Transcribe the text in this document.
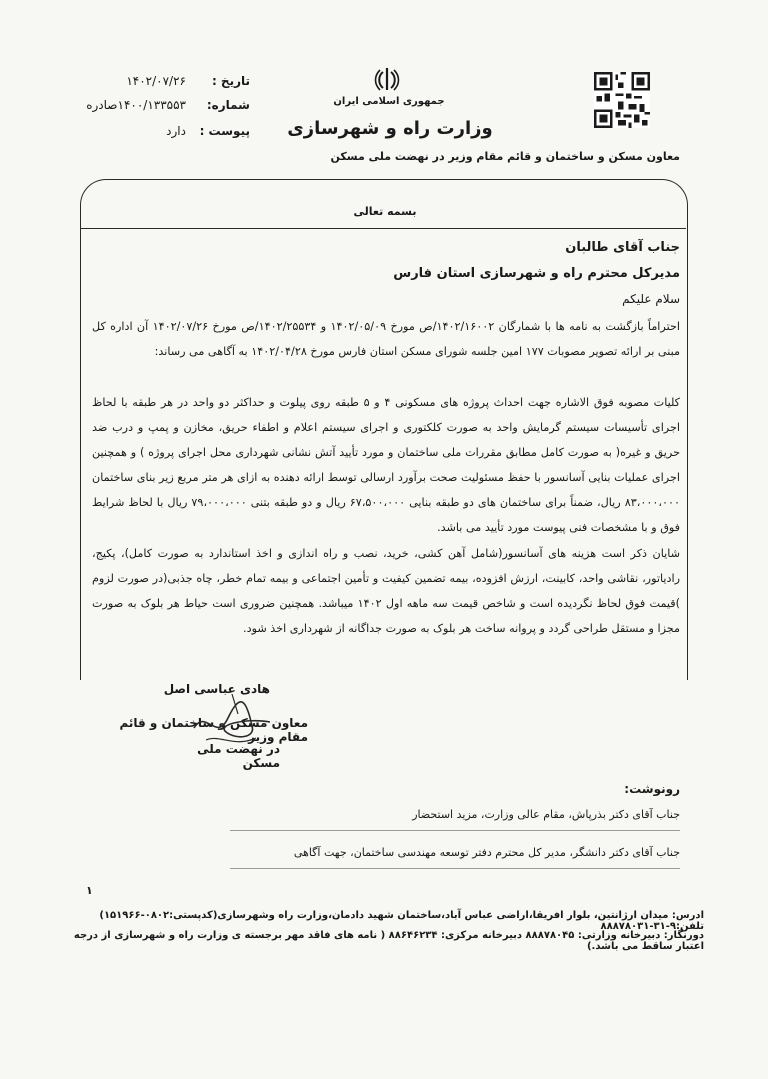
جمهوری اسلامی ایران
وزارت راه و شهرسازی
معاون مسکن و ساختمان و قائم مقام وزیر در نهضت ملی مسکن
تاریخ :
۱۴۰۲/۰۷/۲۶
شماره:
۱۴۰۰/۱۳۳۵۵۳صادره
پیوست :
دارد
بسمه تعالی
جناب آقای طالبان
مدیرکل محترم راه و شهرسازی استان فارس
سلام علیکم
احتراماً بازگشت به نامه ها با شمارگان ۱۴۰۲/۱۶۰۰۲/ص مورخ ۱۴۰۲/۰۵/۰۹ و ۱۴۰۲/۲۵۵۳۴/ص مورخ ۱۴۰۲/۰۷/۲۶ آن اداره کل مبنی بر ارائه تصویر مصوبات ۱۷۷ امین جلسه شورای مسکن استان فارس مورخ ۱۴۰۲/۰۴/۲۸ به آگاهی می رساند:
کلیات مصوبه فوق الاشاره جهت احداث پروژه های مسکونی ۴ و ۵ طبقه روی پیلوت و حداکثر دو واحد در هر طبقه با لحاظ اجرای تأسیسات سیستم گرمایش واحد به صورت کلکتوری و اجرای سیستم اعلام و اطفاء حریق، مخازن و پمپ و درب ضد حریق و غیره( به صورت کامل مطابق مقررات ملی ساختمان و مورد تأیید آتش نشانی شهرداری محل اجرای پروژه ) و همچنین اجرای عملیات بنایی آسانسور با حفظ مسئولیت صحت برآورد ارسالی توسط ارائه دهنده به ازای هر متر مربع زیر بنای ساختمان ۸۳،۰۰۰،۰۰۰ ریال، ضمناً برای ساختمان های دو طبقه بنایی ۶۷،۵۰۰،۰۰۰ ریال و دو طبقه بتنی ۷۹،۰۰۰،۰۰۰ ریال با لحاظ شرایط فوق و با مشخصات فنی پیوست مورد تأیید می باشد.
شایان ذکر است هزینه های آسانسور(شامل آهن کشی، خرید، نصب و راه اندازی و اخذ استاندارد به صورت کامل)، پکیج، رادیاتور، نقاشی واحد، کابینت، ارزش افزوده، بیمه تضمین کیفیت و تأمین اجتماعی و بیمه تمام خطر، چاه جذبی(در صورت لزوم )قیمت فوق لحاظ نگردیده است و شاخص قیمت سه ماهه اول ۱۴۰۲ میباشد. همچنین ضروری است حیاط هر بلوک به صورت مجزا و مستقل طراحی گردد و پروانه ساخت هر بلوک به صورت جداگانه از شهرداری اخذ شود.
هادی عباسی اصل
معاون مسکن و ساختمان و قائم مقام وزیر
در نهضت ملی مسکن
رونوشت:
جناب آقای دکتر بذرپاش، مقام عالی وزارت، مزید استحضار
جناب آقای دکتر دانشگر، مدیر کل محترم دفتر توسعه مهندسی ساختمان، جهت آگاهی
۱
ادرس: میدان ارژانتین، بلوار افریقا،اراضی عباس آباد،ساختمان شهید دادمان،وزارت راه وشهرسازی(کدپستی:۰۸۰۲-۱۵۱۹۶۶) تلفن:۹-۳۱-۸۸۸۷۸۰۳۱
دورنگار: دبیرخانه وزارتی: ۸۸۸۷۸۰۴۵ دبیرخانه مرکزی: ۸۸۶۴۶۲۳۴ ( نامه های فاقد مهر برجسته ی وزارت راه و شهرسازی از درجه اعتبار ساقط می باشد.)
